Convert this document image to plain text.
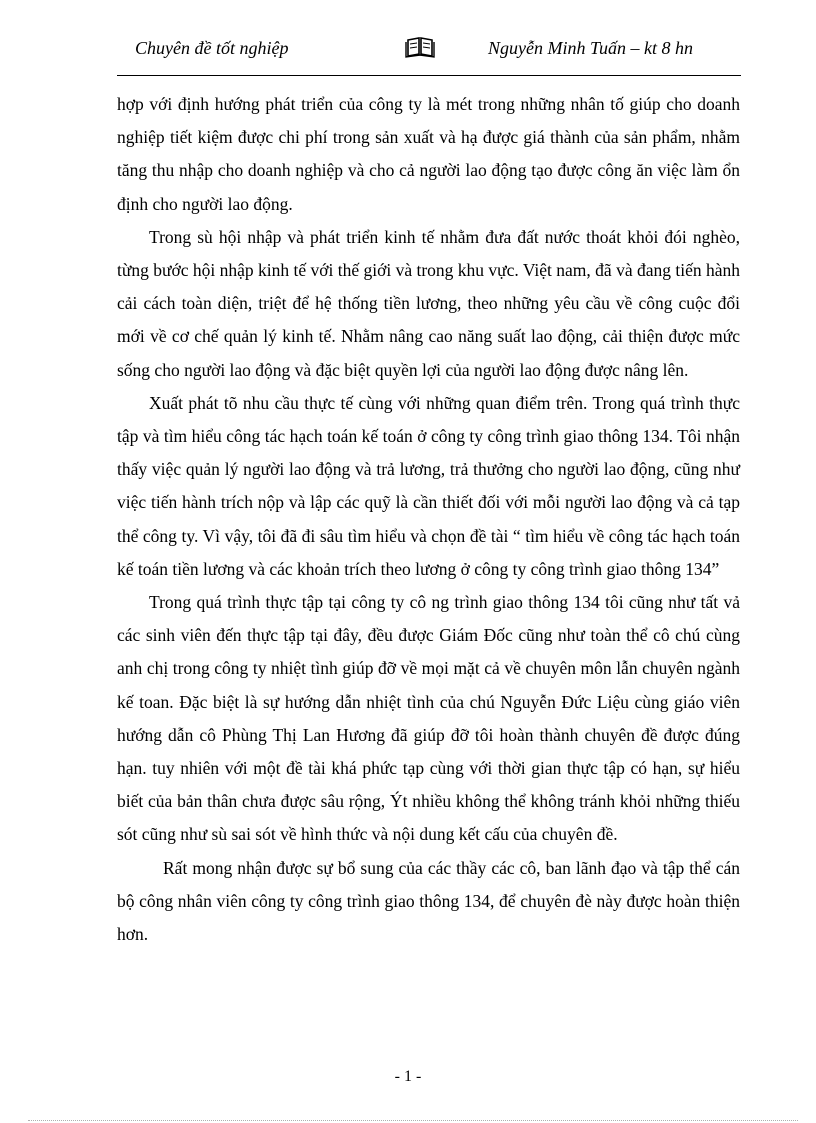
Chuyên đề tốt nghiệp	Nguyễn Minh Tuấn – kt 8 hn

hợp với định hướng phát triển của công ty là mét trong những nhân tố giúp cho doanh nghiệp tiết kiệm được chi phí trong sản xuất và hạ được giá thành của sản phẩm, nhằm tăng thu nhập cho doanh nghiệp và cho cả người lao động tạo được công ăn việc làm ổn định cho người lao động.

Trong sù hội nhập và phát triển kinh tế nhằm đưa đất nước thoát khỏi đói nghèo, từng bước hội nhập kinh tế với thế giới và trong khu vực. Việt nam, đã và đang tiến hành cải cách toàn diện, triệt để hệ thống tiền lương, theo những yêu cầu về công cuộc đổi mới về cơ chế quản lý kinh tế. Nhằm nâng cao năng suất lao động, cải thiện được mức sống cho người lao động và đặc biệt quyền lợi của người lao động được nâng lên.

Xuất phát tõ nhu cầu thực tế cùng với những quan điểm trên. Trong quá trình thực tập và tìm hiểu công tác hạch toán kế toán ở công ty công trình giao thông 134. Tôi nhận thấy việc quản lý người lao động và trả lương, trả thưởng cho người lao động, cũng như việc tiến hành trích nộp và lập các quỹ là cần thiết đối với mỗi người lao động và cả tạp thể công ty. Vì vậy, tôi đã đi sâu tìm hiểu và chọn đề tài “ tìm hiểu về công tác hạch toán kế toán tiền lương và các khoản trích theo lương ở công ty công trình giao thông 134”

Trong quá trình thực tập tại công ty cô ng trình giao thông 134 tôi cũng như tất vả các sinh viên đến thực tập tại đây, đều được Giám Đốc cũng như toàn thể cô chú cùng anh chị trong công ty nhiệt tình giúp đỡ về mọi mặt cả về chuyên môn lẫn chuyên ngành kế toan. Đặc biệt là sự hướng dẫn nhiệt tình của chú Nguyễn Đức Liệu cùng giáo viên hướng dẫn cô Phùng Thị Lan Hương đã giúp đỡ tôi hoàn thành chuyên đề được đúng hạn. tuy nhiên với một đề tài khá phức tạp cùng với thời gian thực tập có hạn, sự hiểu biết của bản thân chưa được sâu rộng, Ýt nhiều không thể không tránh khỏi những thiếu sót cũng như sù sai sót về hình thức và nội dung kết cấu của chuyên đề.

Rất mong nhận được sự bổ sung của các thầy các cô, ban lãnh đạo và tập thể cán bộ công nhân viên công ty công trình giao thông 134, để chuyên đè này được hoàn thiện hơn.

- 1 -
